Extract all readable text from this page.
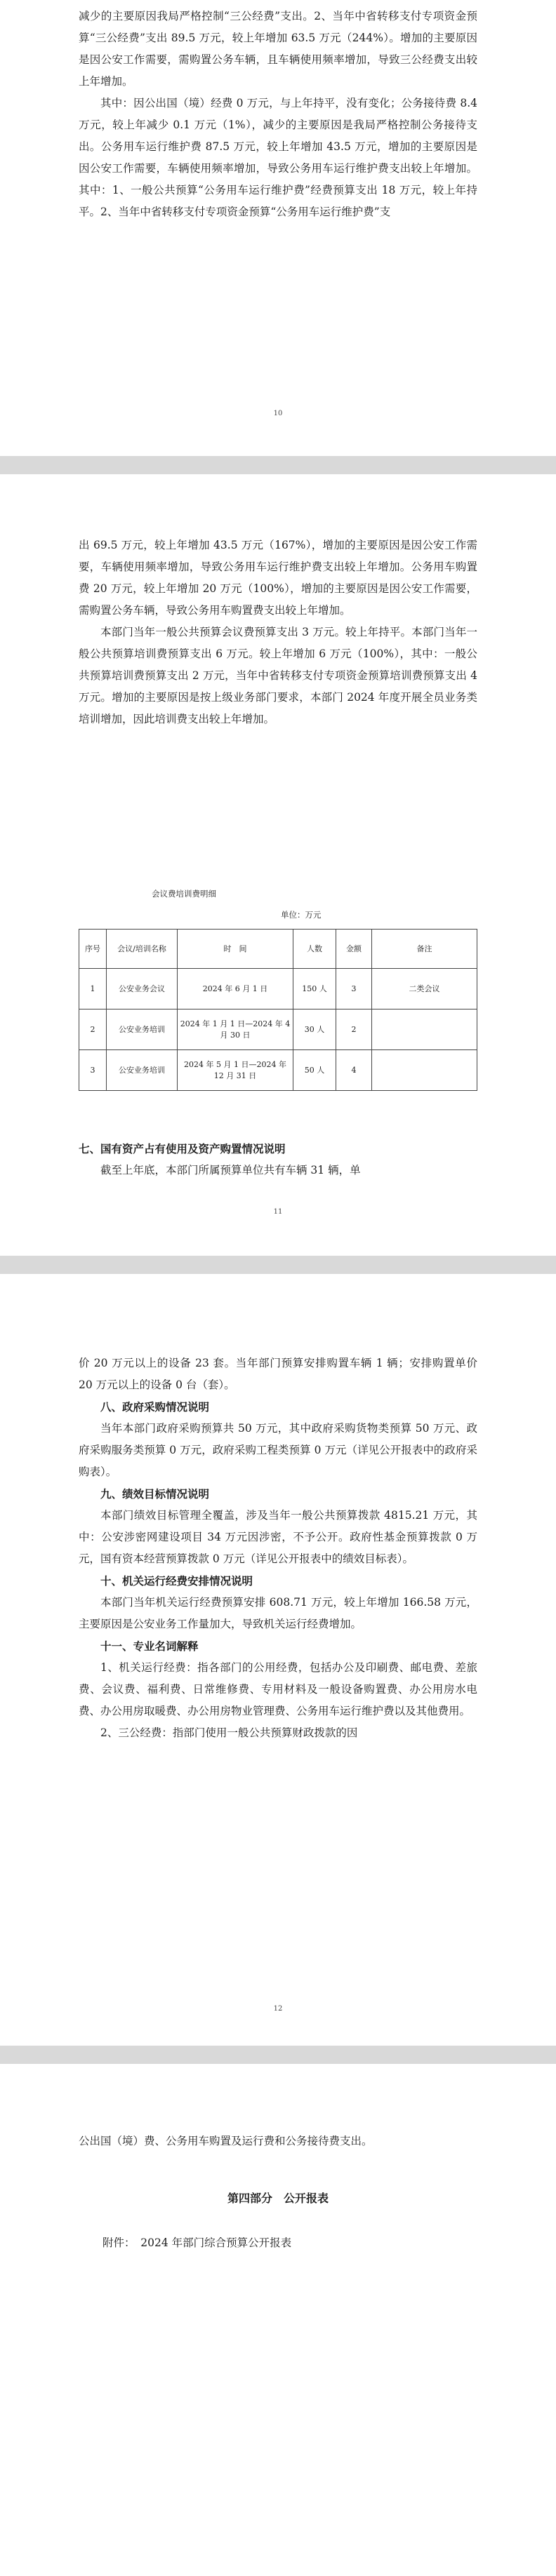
减少的主要原因我局严格控制“三公经费”支出。2、当年中省转移支付专项资金预算“三公经费”支出 89.5 万元，较上年增加 63.5 万元（244%）。增加的主要原因是因公安工作需要，需购置公务车辆，且车辆使用频率增加，导致三公经费支出较上年增加。

其中：因公出国（境）经费 0 万元，与上年持平，没有变化；公务接待费 8.4 万元，较上年减少 0.1 万元（1%），减少的主要原因是我局严格控制公务接待支出。公务用车运行维护费 87.5 万元，较上年增加 43.5 万元，增加的主要原因是因公安工作需要，车辆使用频率增加，导致公务用车运行维护费支出较上年增加。其中：1、一般公共预算“公务用车运行维护费”经费预算支出 18 万元，较上年持平。2、当年中省转移支付专项资金预算“公务用车运行维护费”支

10

出 69.5 万元，较上年增加 43.5 万元（167%），增加的主要原因是因公安工作需要，车辆使用频率增加，导致公务用车运行维护费支出较上年增加。公务用车购置费 20 万元，较上年增加 20 万元（100%），增加的主要原因是因公安工作需要，需购置公务车辆，导致公务用车购置费支出较上年增加。

本部门当年一般公共预算会议费预算支出 3 万元。较上年持平。本部门当年一般公共预算培训费预算支出 6 万元。较上年增加 6 万元（100%），其中：一般公共预算培训费预算支出 2 万元，当年中省转移支付专项资金预算培训费预算支出 4 万元。增加的主要原因是按上级业务部门要求，本部门 2024 年度开展全员业务类培训增加，因此培训费支出较上年增加。

会议费培训费明细
单位：万元
序号	会议/培训名称	时　间	人数	金额	备注
1	公安业务会议	2024 年 6 月 1 日	150 人	3	二类会议
2	公安业务培训	2024 年 1 月 1 日—2024 年 4 月 30 日	30 人	2	
3	公安业务培训	2024 年 5 月 1 日—2024 年 12 月 31 日	50 人	4	

七、国有资产占有使用及资产购置情况说明

截至上年底，本部门所属预算单位共有车辆 31 辆，单

11

价 20 万元以上的设备 23 套。当年部门预算安排购置车辆 1 辆；安排购置单价 20 万元以上的设备 0 台（套）。

八、政府采购情况说明

当年本部门政府采购预算共 50 万元，其中政府采购货物类预算 50 万元、政府采购服务类预算 0 万元，政府采购工程类预算 0 万元（详见公开报表中的政府采购表）。

九、绩效目标情况说明

本部门绩效目标管理全覆盖，涉及当年一般公共预算拨款 4815.21 万元，其中：公安涉密网建设项目 34 万元因涉密，不予公开。政府性基金预算拨款 0 万元，国有资本经营预算拨款 0 万元（详见公开报表中的绩效目标表）。

十、机关运行经费安排情况说明

本部门当年机关运行经费预算安排 608.71 万元，较上年增加 166.58 万元，主要原因是公安业务工作量加大，导致机关运行经费增加。

十一、专业名词解释

1、机关运行经费：指各部门的公用经费，包括办公及印刷费、邮电费、差旅费、会议费、福利费、日常维修费、专用材料及一般设备购置费、办公用房水电费、办公用房取暖费、办公用房物业管理费、公务用车运行维护费以及其他费用。

2、三公经费：指部门使用一般公共预算财政拨款的因

12

公出国（境）费、公务用车购置及运行费和公务接待费支出。

第四部分　公开报表
附件：　2024 年部门综合预算公开报表
